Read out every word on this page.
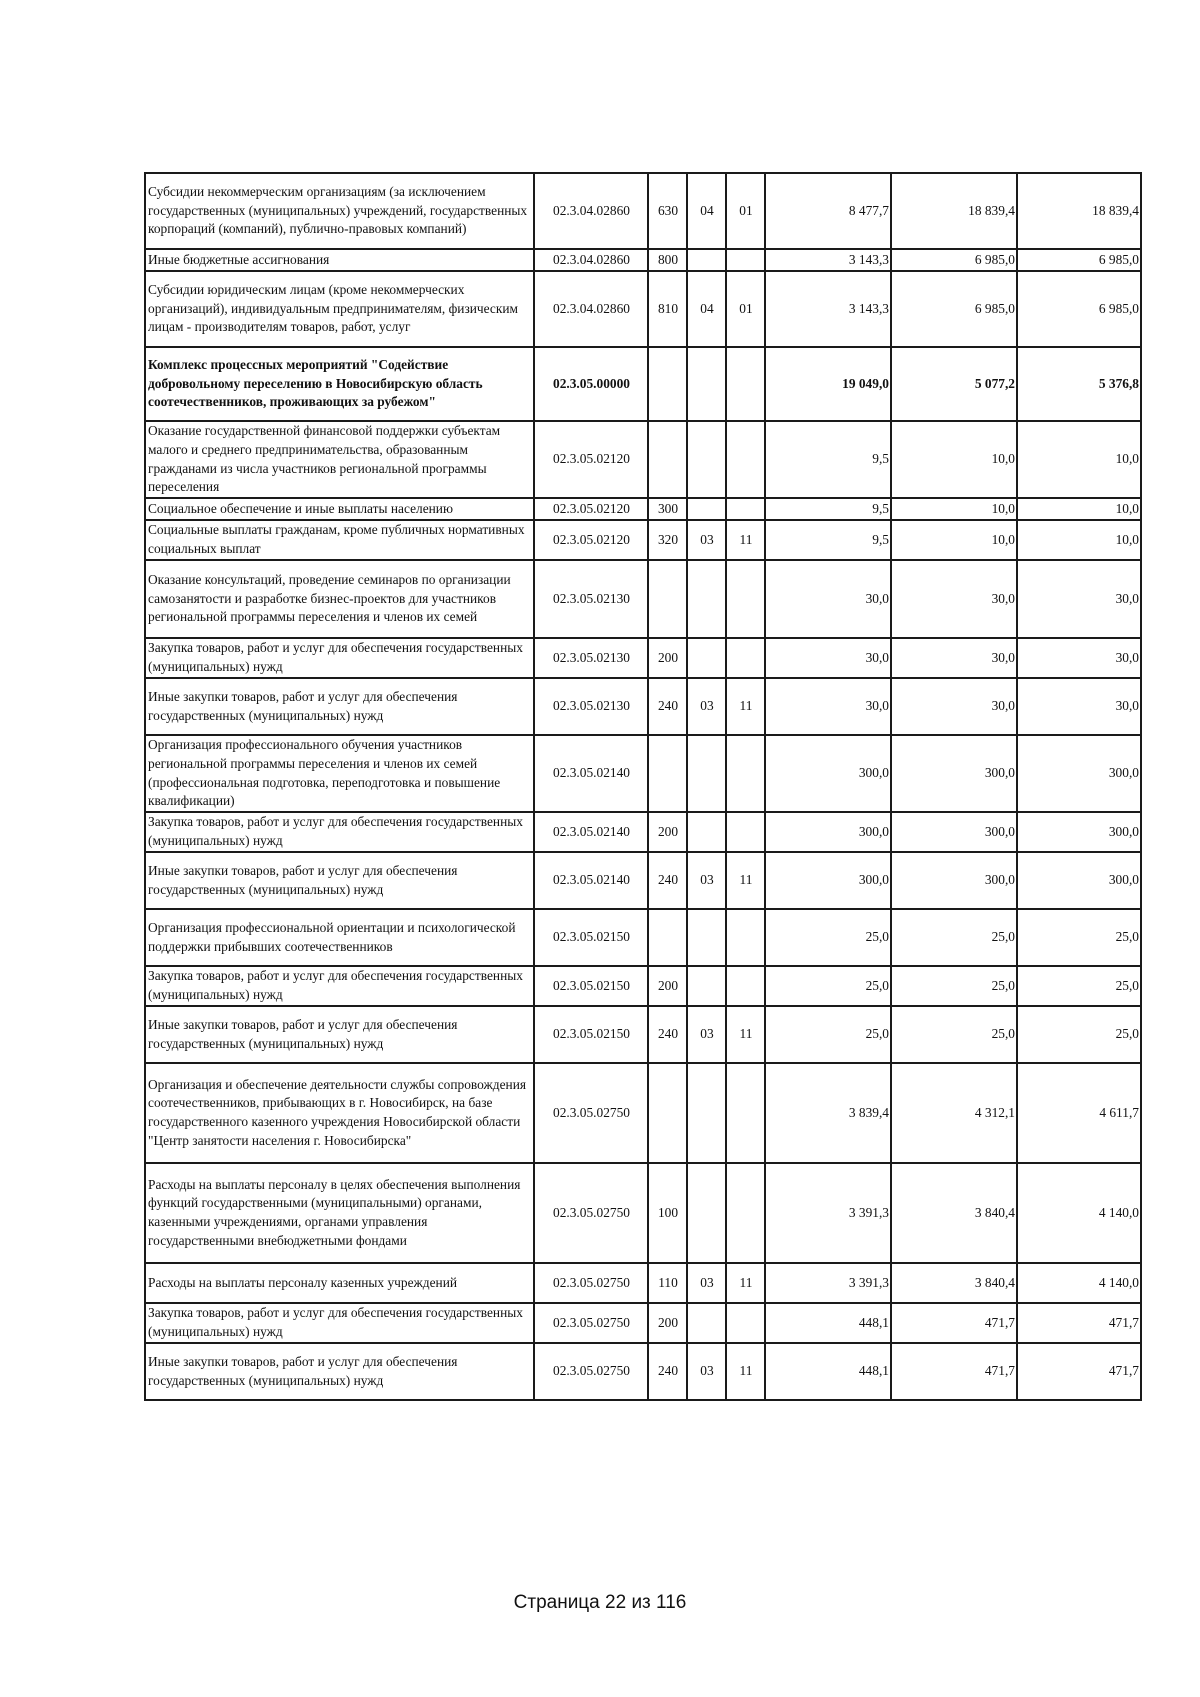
Субсидии некоммерческим организациям (за исключением государственных (муниципальных) учреждений, государственных корпораций (компаний), публично-правовых компаний)	02.3.04.02860	630	04	01	8 477,7	18 839,4	18 839,4
Иные бюджетные ассигнования	02.3.04.02860	800			3 143,3	6 985,0	6 985,0
Субсидии юридическим лицам (кроме некоммерческих организаций), индивидуальным предпринимателям, физическим лицам - производителям товаров, работ, услуг	02.3.04.02860	810	04	01	3 143,3	6 985,0	6 985,0
Комплекс процессных мероприятий "Содействие добровольному переселению в Новосибирскую область соотечественников, проживающих за рубежом"	02.3.05.00000				19 049,0	5 077,2	5 376,8
Оказание государственной финансовой поддержки субъектам малого и среднего предпринимательства, образованным гражданами из числа участников региональной программы переселения	02.3.05.02120				9,5	10,0	10,0
Социальное обеспечение и иные выплаты населению	02.3.05.02120	300			9,5	10,0	10,0
Социальные выплаты гражданам, кроме публичных нормативных социальных выплат	02.3.05.02120	320	03	11	9,5	10,0	10,0
Оказание консультаций, проведение семинаров по организации самозанятости и разработке бизнес-проектов для участников региональной программы переселения и членов их семей	02.3.05.02130				30,0	30,0	30,0
Закупка товаров, работ и услуг для обеспечения государственных (муниципальных) нужд	02.3.05.02130	200			30,0	30,0	30,0
Иные закупки товаров, работ и услуг для обеспечения государственных (муниципальных) нужд	02.3.05.02130	240	03	11	30,0	30,0	30,0
Организация профессионального обучения участников региональной программы переселения и членов их семей (профессиональная подготовка, переподготовка и повышение квалификации)	02.3.05.02140				300,0	300,0	300,0
Закупка товаров, работ и услуг для обеспечения государственных (муниципальных) нужд	02.3.05.02140	200			300,0	300,0	300,0
Иные закупки товаров, работ и услуг для обеспечения государственных (муниципальных) нужд	02.3.05.02140	240	03	11	300,0	300,0	300,0
Организация профессиональной ориентации и психологической поддержки прибывших соотечественников	02.3.05.02150				25,0	25,0	25,0
Закупка товаров, работ и услуг для обеспечения государственных (муниципальных) нужд	02.3.05.02150	200			25,0	25,0	25,0
Иные закупки товаров, работ и услуг для обеспечения государственных (муниципальных) нужд	02.3.05.02150	240	03	11	25,0	25,0	25,0
Организация и обеспечение деятельности службы сопровождения соотечественников, прибывающих в г. Новосибирск, на базе государственного казенного учреждения Новосибирской области "Центр занятости населения г. Новосибирска"	02.3.05.02750				3 839,4	4 312,1	4 611,7
Расходы на выплаты персоналу в целях обеспечения выполнения функций государственными (муниципальными) органами, казенными учреждениями, органами управления государственными внебюджетными фондами	02.3.05.02750	100			3 391,3	3 840,4	4 140,0
Расходы на выплаты персоналу казенных учреждений	02.3.05.02750	110	03	11	3 391,3	3 840,4	4 140,0
Закупка товаров, работ и услуг для обеспечения государственных (муниципальных) нужд	02.3.05.02750	200			448,1	471,7	471,7
Иные закупки товаров, работ и услуг для обеспечения государственных (муниципальных) нужд	02.3.05.02750	240	03	11	448,1	471,7	471,7
Страница 22 из 116
